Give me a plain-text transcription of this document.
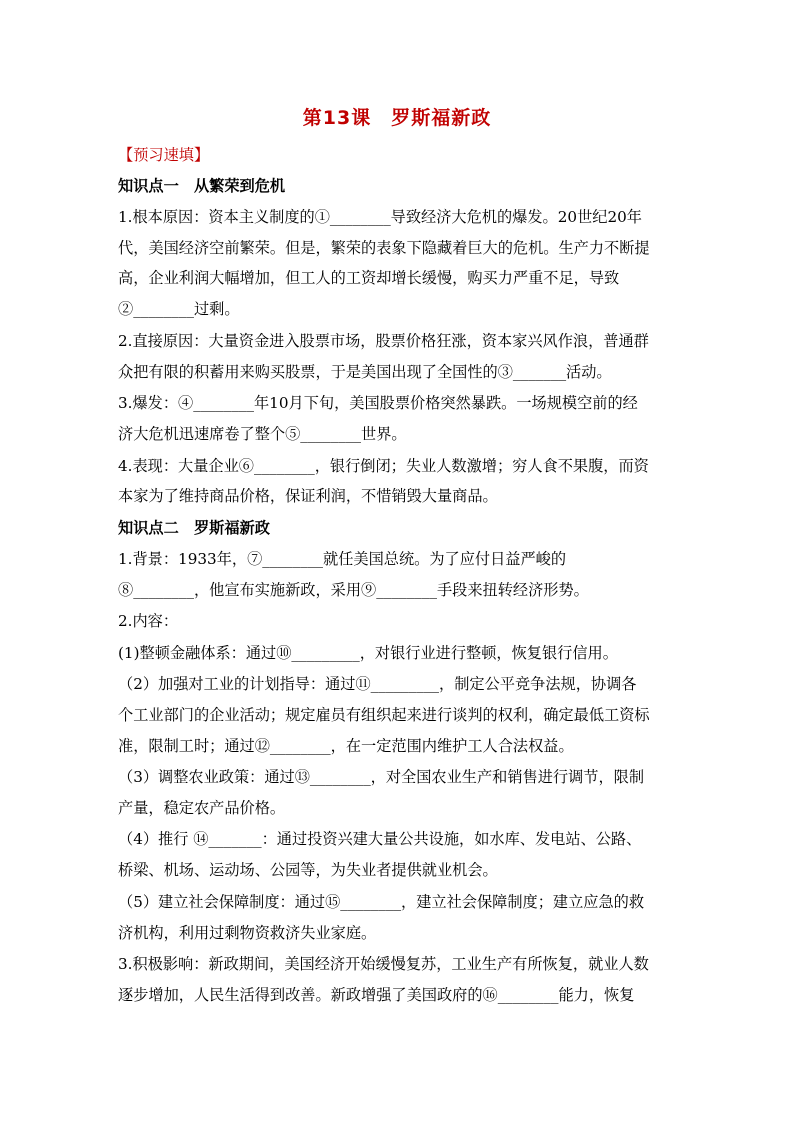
第13课　罗斯福新政
【预习速填】
知识点一　从繁荣到危机
1.根本原因：资本主义制度的①________导致经济大危机的爆发。20世纪20年
代，美国经济空前繁荣。但是，繁荣的表象下隐藏着巨大的危机。生产力不断提
高，企业利润大幅增加，但工人的工资却增长缓慢，购买力严重不足，导致
②________过剩。
2.直接原因：大量资金进入股票市场，股票价格狂涨，资本家兴风作浪，普通群
众把有限的积蓄用来购买股票，于是美国出现了全国性的③_______活动。
3.爆发：④________年10月下旬，美国股票价格突然暴跌。一场规模空前的经
济大危机迅速席卷了整个⑤________世界。
4.表现：大量企业⑥________，银行倒闭；失业人数激增；穷人食不果腹，而资
本家为了维持商品价格，保证利润，不惜销毁大量商品。
知识点二　罗斯福新政
1.背景：1933年，⑦________就任美国总统。为了应付日益严峻的
⑧________，他宣布实施新政，采用⑨________手段来扭转经济形势。
2.内容：
(1)整顿金融体系：通过⑩_________，对银行业进行整顿，恢复银行信用。
（2）加强对工业的计划指导：通过⑪_________，制定公平竞争法规，协调各
个工业部门的企业活动；规定雇员有组织起来进行谈判的权利，确定最低工资标
准，限制工时；通过⑫________，在一定范围内维护工人合法权益。
（3）调整农业政策：通过⑬________，对全国农业生产和销售进行调节，限制
产量，稳定农产品价格。
（4）推行 ⑭_______：通过投资兴建大量公共设施，如水库、发电站、公路、
桥梁、机场、运动场、公园等，为失业者提供就业机会。
（5）建立社会保障制度：通过⑮________，建立社会保障制度；建立应急的救
济机构，利用过剩物资救济失业家庭。
3.积极影响：新政期间，美国经济开始缓慢复苏，工业生产有所恢复，就业人数
逐步增加，人民生活得到改善。新政增强了美国政府的⑯________能力，恢复
